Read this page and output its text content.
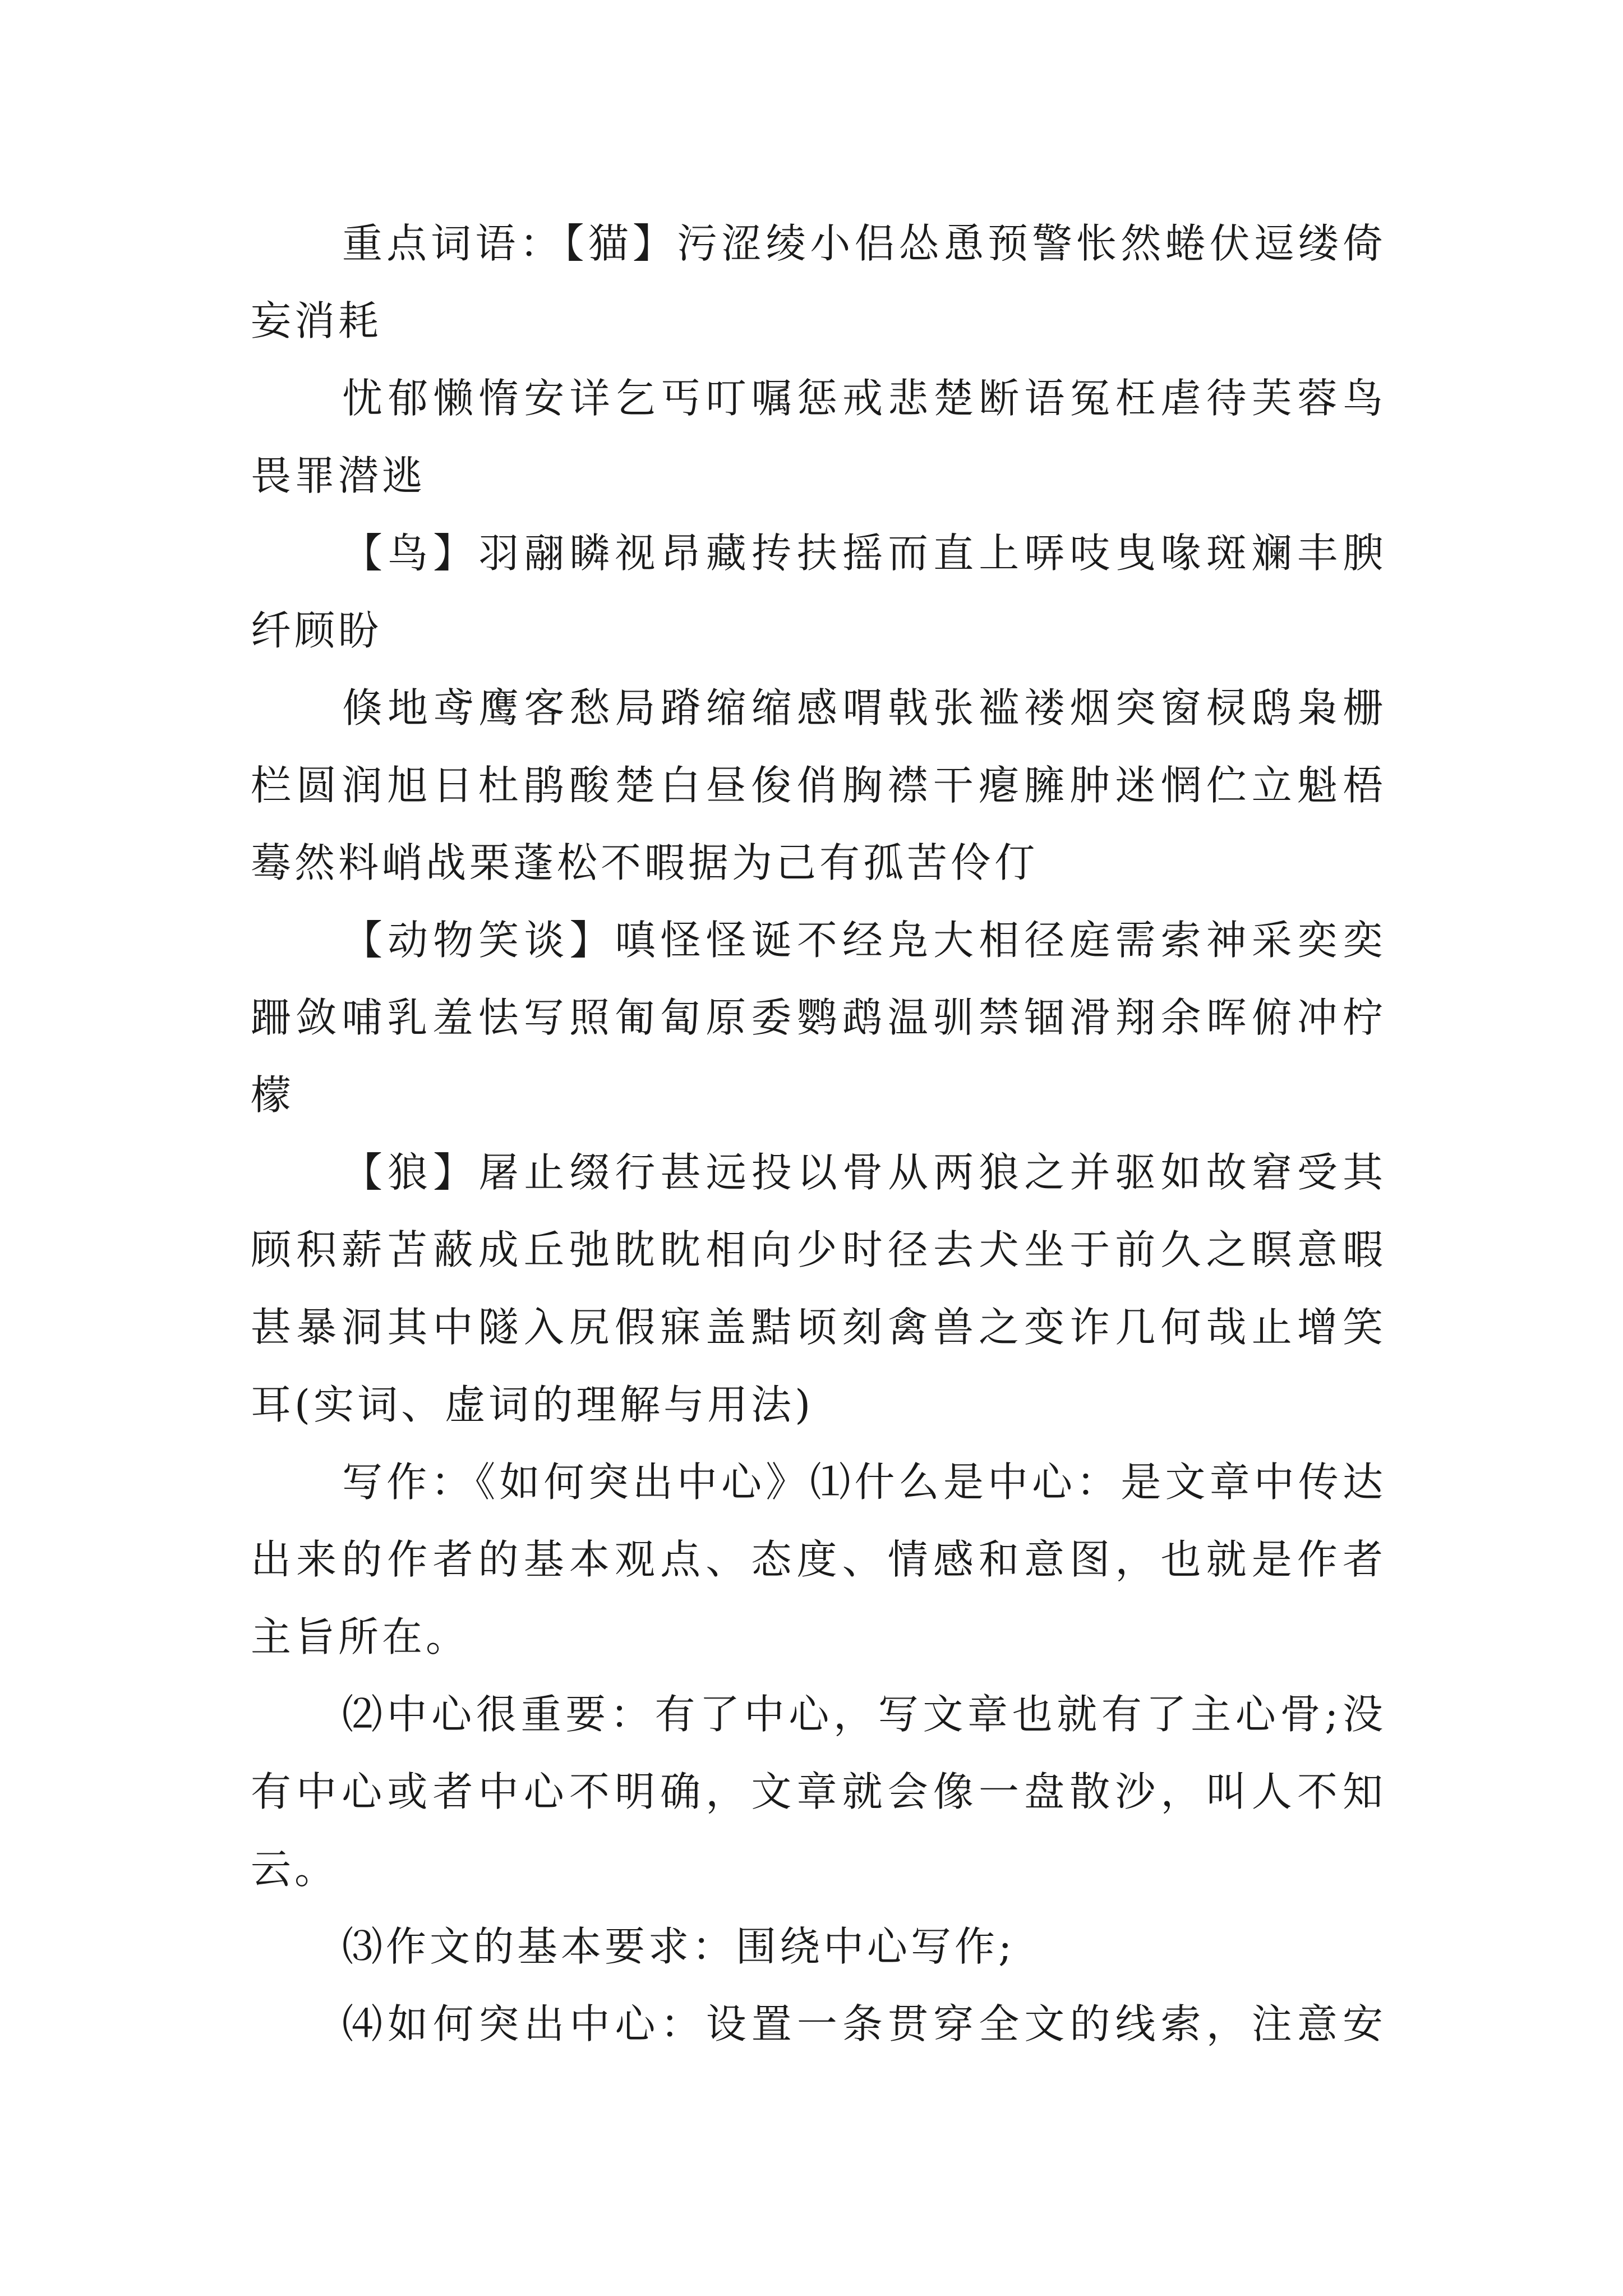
重点词语：【猫】污涩绫小侣怂恿预警怅然蜷伏逗缕倚
妄消耗
忧郁懒惰安详乞丐叮嘱惩戒悲楚断语冤枉虐待芙蓉鸟
畏罪潜逃
【鸟】羽翮瞵视昂藏抟扶摇而直上哢吱曳喙斑斓丰腴
纤顾盼
倏地鸢鹰客愁局蹐缩缩感喟戟张褴褛烟突窗棂鸱枭栅
栏圆润旭日杜鹃酸楚白昼俊俏胸襟干瘪臃肿迷惘伫立魁梧
蓦然料峭战栗蓬松不暇据为己有孤苦伶仃
【动物笑谈】嗔怪怪诞不经凫大相径庭需索神采奕奕
跚敛哺乳羞怯写照匍匐原委鹦鹉温驯禁锢滑翔余晖俯冲柠
檬
【狼】屠止缀行甚远投以骨从两狼之并驱如故窘受其
顾积薪苫蔽成丘弛眈眈相向少时径去犬坐于前久之瞑意暇
甚暴洞其中隧入尻假寐盖黠顷刻禽兽之变诈几何哉止增笑
耳(实词、虚词的理解与用法)
写作：《如何突出中心》⑴什么是中心：是文章中传达
出来的作者的基本观点、态度、情感和意图，也就是作者
主旨所在。
⑵中心很重要：有了中心，写文章也就有了主心骨;没
有中心或者中心不明确，文章就会像一盘散沙，叫人不知
云。
⑶作文的基本要求：围绕中心写作;
⑷如何突出中心：设置一条贯穿全文的线索，注意安
